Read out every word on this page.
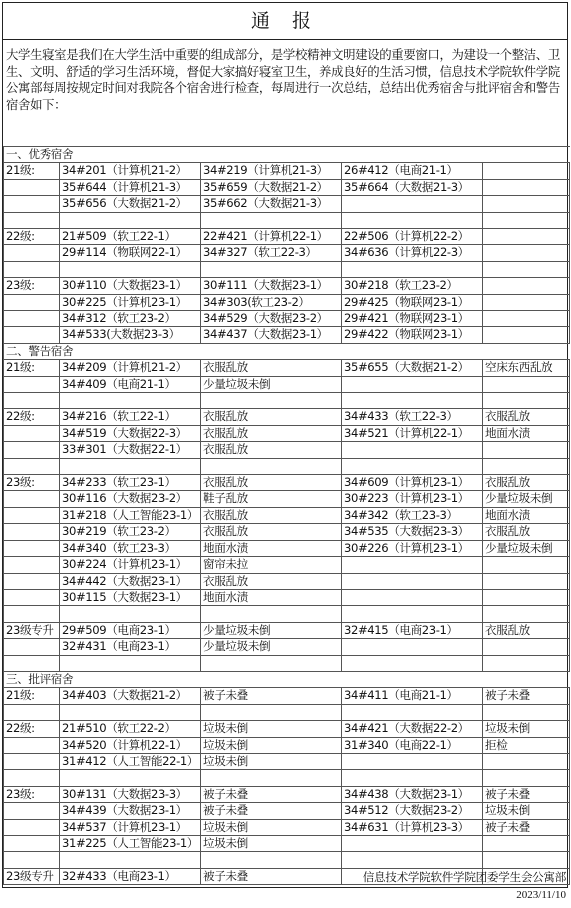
通 报

大学生寝室是我们在大学生活中重要的组成部分，是学校精神文明建设的重要窗口，为建设一个整洁、卫生、文明、舒适的学习生活环境，督促大家搞好寝室卫生，养成良好的生活习惯，信息技术学院软件学院公寓部每周按规定时间对我院各个宿舍进行检查，每周进行一次总结，总结出优秀宿舍与批评宿舍和警告宿舍如下：

一、优秀宿舍				
21级:	34#201（计算机21-2）	34#219（计算机21-3）	26#412（电商21-1）	
	35#644（计算机21-3）	35#659（大数据21-2）	35#664（大数据21-3）	
	35#656（大数据21-2）	35#662（大数据21-3）		

22级:	21#509（软工22-1）	22#421（计算机22-1）	22#506（计算机22-2）	
	29#114（物联网22-1）	34#327（软工22-3）	34#636（计算机22-3）	

23级:	30#110（大数据23-1）	30#111（大数据23-1）	30#218（软工23-2）	
	30#225（计算机23-1）	34#303(软工23-2）	29#425（物联网23-1）	
	34#312（软工23-2）	34#529（大数据23-2）	29#421（物联网23-1）	
	34#533(大数据23-3）	34#437（大数据23-1）	29#422（物联网23-1）	
二、警告宿舍				
21级:	34#209（计算机21-2）	衣服乱放	35#655（大数据21-2）	空床东西乱放
	34#409（电商21-1）	少量垃圾未倒		

22级:	34#216（软工22-1）	衣服乱放	34#433（软工22-3）	衣服乱放
	34#519（大数据22-3）	衣服乱放	34#521（计算机22-1）	地面水渍
	33#301（大数据22-1）	衣服乱放		

23级:	34#233（软工23-1）	衣服乱放	34#609（计算机23-1）	衣服乱放
	30#116（大数据23-2）	鞋子乱放	30#223（计算机23-1）	少量垃圾未倒
	31#218（人工智能23-1）	衣服乱放	34#342（软工23-3）	地面水渍
	30#219（软工23-2）	衣服乱放	34#535（大数据23-3）	衣服乱放
	34#340（软工23-3）	地面水渍	30#226（计算机23-1）	少量垃圾未倒
	30#224（计算机23-1）	窗帘未拉		
	34#442（大数据23-1）	衣服乱放		
	30#115（大数据23-1）	地面水渍		

23级专升	29#509（电商23-1）	少量垃圾未倒	32#415（电商23-1）	衣服乱放
	32#431（电商23-1）	少量垃圾未倒		

三、批评宿舍				
21级:	34#403（大数据21-2）	被子未叠	34#411（电商21-1）	被子未叠

22级:	21#510（软工22-2）	垃圾未倒	34#421（大数据22-2）	垃圾未倒
	34#520（计算机22-1）	垃圾未倒	31#340（电商22-1）	拒检
	31#412（人工智能22-1）	垃圾未倒		

23级:	30#131（大数据23-3）	被子未叠	34#438（大数据23-1）	被子未叠
	34#439（大数据23-1）	被子未叠	34#512（大数据23-2）	垃圾未倒
	34#537（计算机23-1）	垃圾未倒	34#631（计算机23-3）	被子未叠
	31#225（人工智能23-1）	垃圾未倒		

23级专升	32#433（电商23-1）	被子未叠			信息技术学院软件学院团委学生会公寓部
2023/11/10
